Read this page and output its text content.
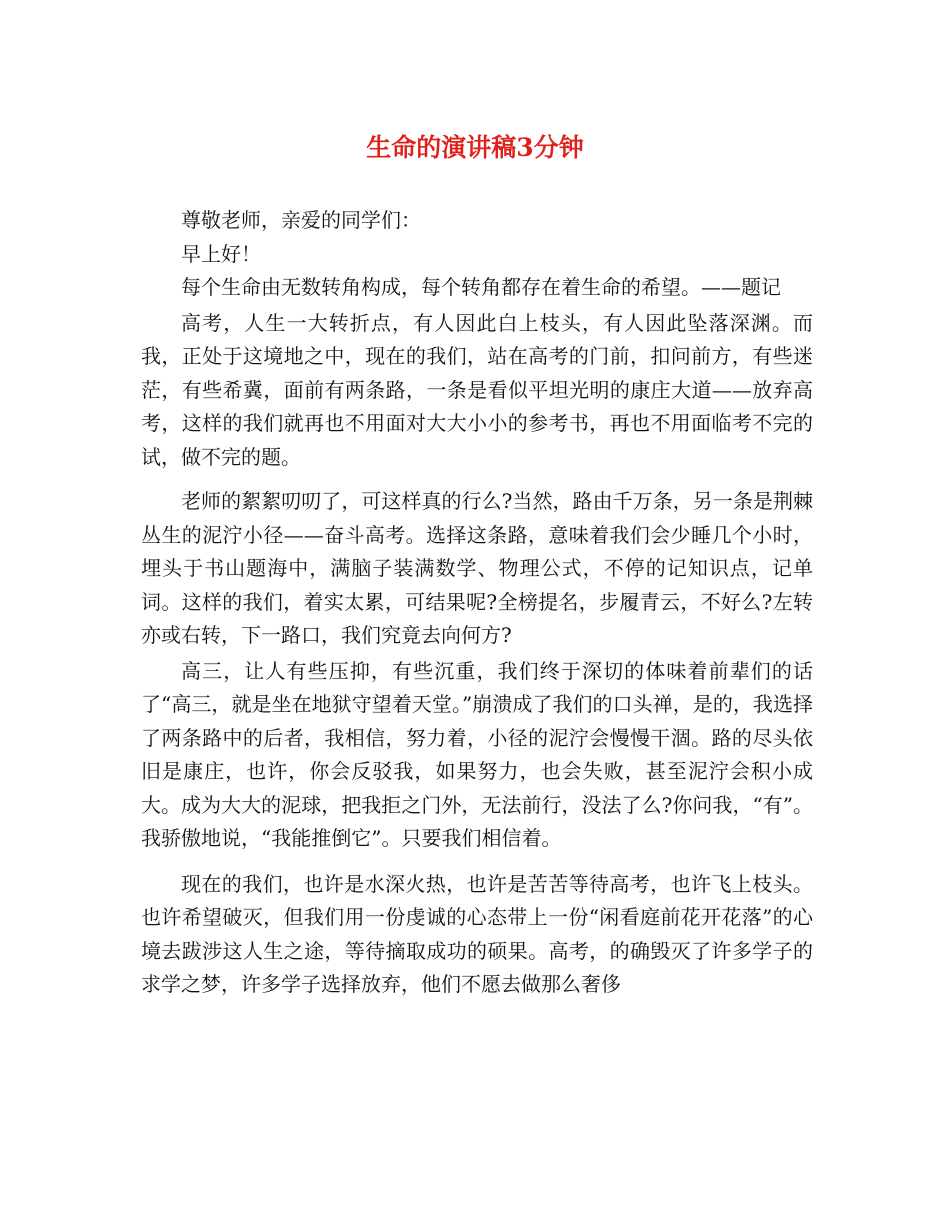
生命的演讲稿3分钟

尊敬老师，亲爱的同学们：

早上好！

每个生命由无数转角构成，每个转角都存在着生命的希望。——题记

高考，人生一大转折点，有人因此白上枝头，有人因此坠落深渊。而我，正处于这境地之中，现在的我们，站在高考的门前，扣问前方，有些迷茫，有些希冀，面前有两条路，一条是看似平坦光明的康庄大道——放弃高考，这样的我们就再也不用面对大大小小的参考书，再也不用面临考不完的试，做不完的题。

老师的絮絮叨叨了，可这样真的行么?当然，路由千万条，另一条是荆棘丛生的泥泞小径——奋斗高考。选择这条路，意味着我们会少睡几个小时，埋头于书山题海中，满脑子装满数学、物理公式，不停的记知识点，记单词。这样的我们，着实太累，可结果呢?全榜提名，步履青云，不好么?左转亦或右转，下一路口，我们究竟去向何方?

高三，让人有些压抑，有些沉重，我们终于深切的体味着前辈们的话了“高三，就是坐在地狱守望着天堂。”崩溃成了我们的口头禅，是的，我选择了两条路中的后者，我相信，努力着，小径的泥泞会慢慢干涸。路的尽头依旧是康庄，也许，你会反驳我，如果努力，也会失败，甚至泥泞会积小成大。成为大大的泥球，把我拒之门外，无法前行，没法了么?你问我，“有”。我骄傲地说，“我能推倒它”。只要我们相信着。

现在的我们，也许是水深火热，也许是苦苦等待高考，也许飞上枝头。也许希望破灭，但我们用一份虔诚的心态带上一份“闲看庭前花开花落”的心境去跋涉这人生之途，等待摘取成功的硕果。高考，的确毁灭了许多学子的求学之梦，许多学子选择放弃，他们不愿去做那么奢侈
